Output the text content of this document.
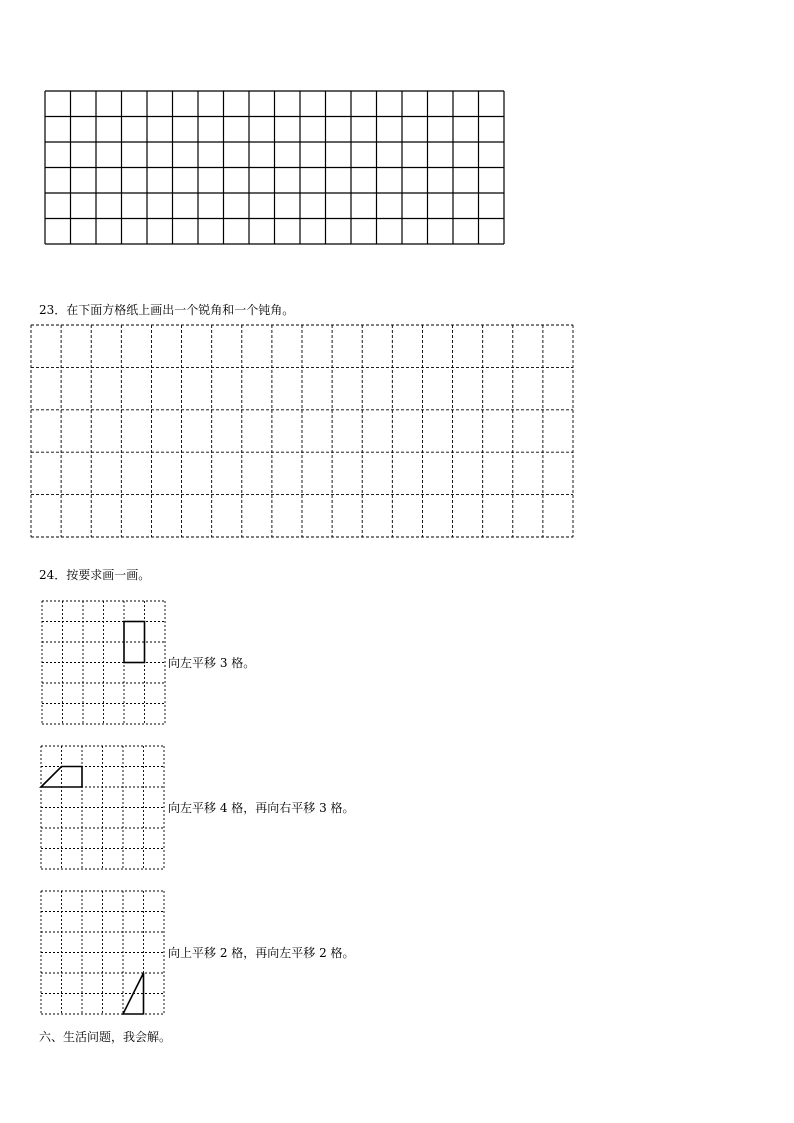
23．在下面方格纸上画出一个锐角和一个钝角。
24．按要求画一画。
向左平移 3 格。
向左平移 4 格，再向右平移 3 格。
向上平移 2 格，再向左平移 2 格。
六、生活问题，我会解。
